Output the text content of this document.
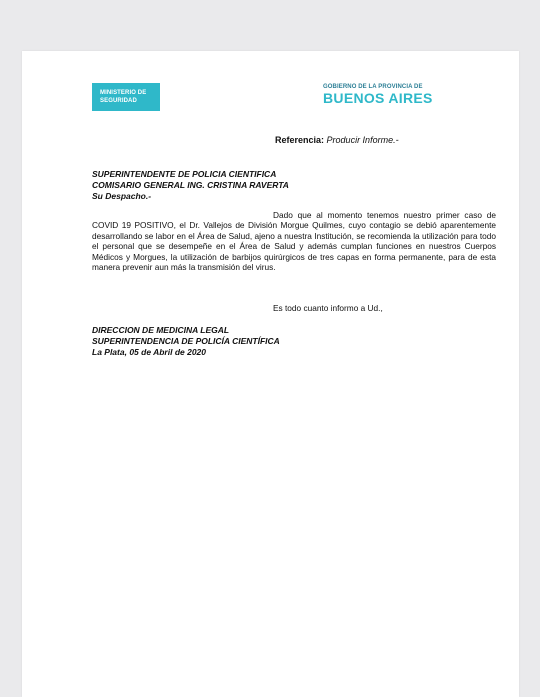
MINISTERIO DE
SEGURIDAD
GOBIERNO DE LA PROVINCIA DE
BUENOS AIRES
Referencia: Producir Informe.-
SUPERINTENDENTE DE POLICIA CIENTIFICA
COMISARIO GENERAL ING. CRISTINA RAVERTA
Su Despacho.-
Dado que al momento tenemos nuestro primer caso de COVID 19 POSITIVO, el Dr. Vallejos de División Morgue Quilmes, cuyo contagio se debió aparentemente desarrollando se labor en el Área de Salud, ajeno a nuestra Institución, se recomienda la utilización para todo el personal que se desempeñe en el Área de Salud y además cumplan funciones en nuestros Cuerpos Médicos y Morgues, la utilización de barbijos quirúrgicos de tres capas en forma permanente, para de esta manera prevenir aun más la transmisión del virus.
Es todo cuanto informo a Ud.,
DIRECCION DE MEDICINA LEGAL
SUPERINTENDENCIA DE POLICÍA CIENTÍFICA
La Plata, 05 de Abril de 2020
